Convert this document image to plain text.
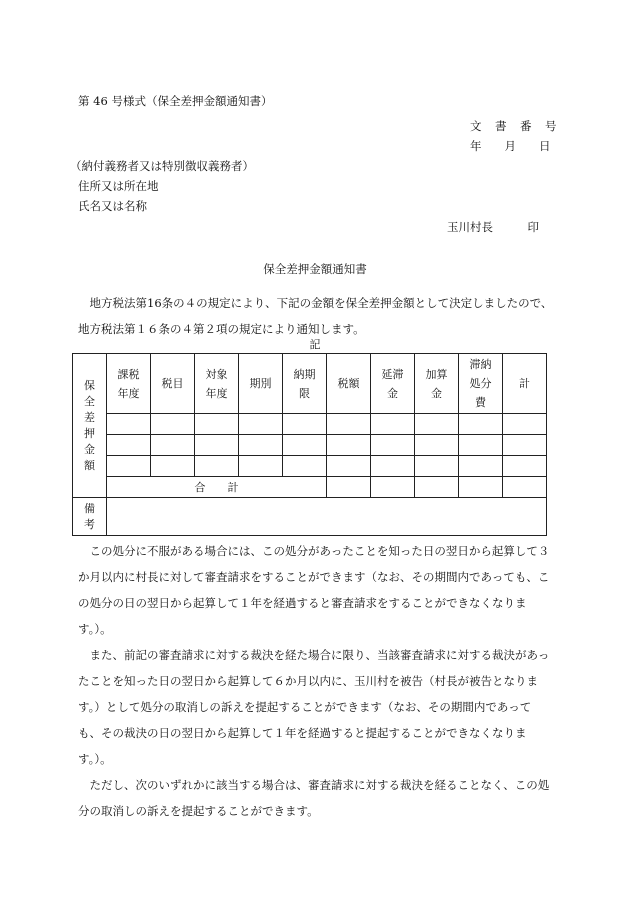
第 46 号様式（保全差押金額通知書）
文　書　番　号
年　　月　　日
（納付義務者又は特別徴収義務者）
住所又は所在地
氏名又は名称
玉川村長　　　印
保全差押金額通知書
　地方税法第16条の４の規定により、下記の金額を保全差押金額として決定しましたので、地方税法第１６条の４第２項の規定により通知します。
記
保全差押金額	課税年度	税目	対象年度	期別	納期限	税額	延滞金	加算金	滞納処分費	計

	合　　計									

備考										

　この処分に不服がある場合には、この処分があったことを知った日の翌日から起算して３か月以内に村長に対して審査請求をすることができます（なお、その期間内であっても、この処分の日の翌日から起算して１年を経過すると審査請求をすることができなくなります。）。
　また、前記の審査請求に対する裁決を経た場合に限り、当該審査請求に対する裁決があったことを知った日の翌日から起算して６か月以内に、玉川村を被告（村長が被告となります。）として処分の取消しの訴えを提起することができます（なお、その期間内であっても、その裁決の日の翌日から起算して１年を経過すると提起することができなくなります。）。
　ただし、次のいずれかに該当する場合は、審査請求に対する裁決を経ることなく、この処分の取消しの訴えを提起することができます。
